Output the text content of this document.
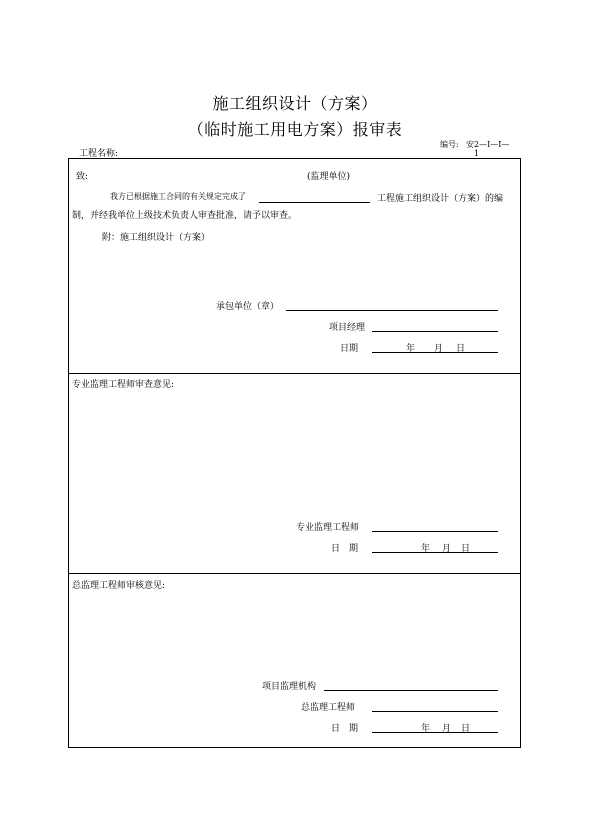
施工组织设计（方案）
（临时施工用电方案）报审表
工程名称:
编号: 安2—I—I—
1
致:	(监理单位)
我方已根据施工合同的有关规定完成了	工程施工组织设计（方案）的编
制，并经我单位上级技术负责人审查批准，请予以审查。
附：施工组织设计（方案）
承包单位（章）
项目经理
日期	年 月 日
专业监理工程师审查意见:
专业监理工程师
日　期	年 月 日
总监理工程师审核意见:
项目监理机构
总监理工程师
日　期	年 月 日
